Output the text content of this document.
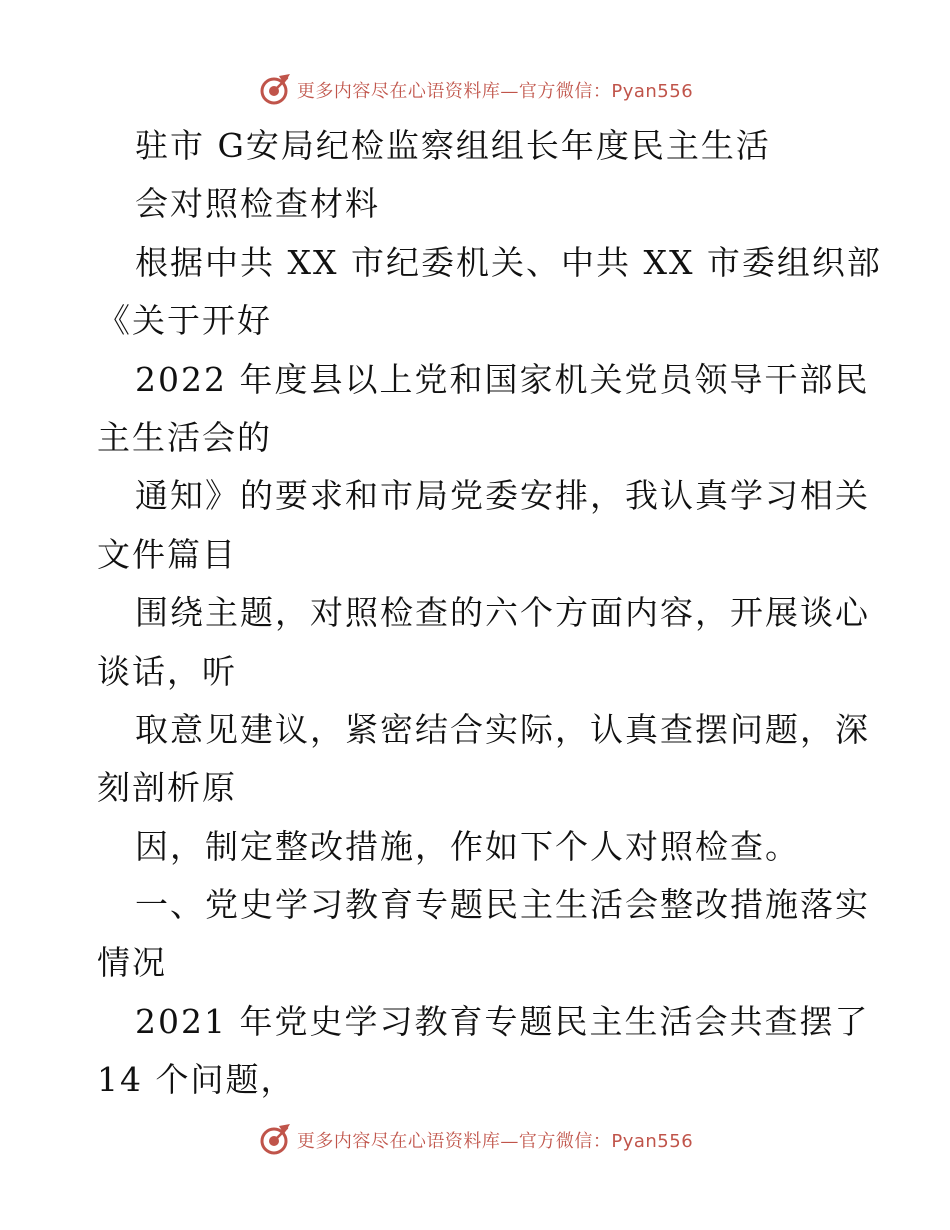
更多内容尽在心语资料库—官方微信：Pyan556
驻市 G安局纪检监察组组长年度民主生活
会对照检查材料
根据中共 XX 市纪委机关、中共 XX 市委组织部
《关于开好
2022 年度县以上党和国家机关党员领导干部民
主生活会的
通知》的要求和市局党委安排，我认真学习相关
文件篇目
围绕主题，对照检查的六个方面内容，开展谈心
谈话，听
取意见建议，紧密结合实际，认真查摆问题，深
刻剖析原
因，制定整改措施，作如下个人对照检查。
一、党史学习教育专题民主生活会整改措施落实
情况
2021 年党史学习教育专题民主生活会共查摆了
14 个问题，
更多内容尽在心语资料库—官方微信：Pyan556
